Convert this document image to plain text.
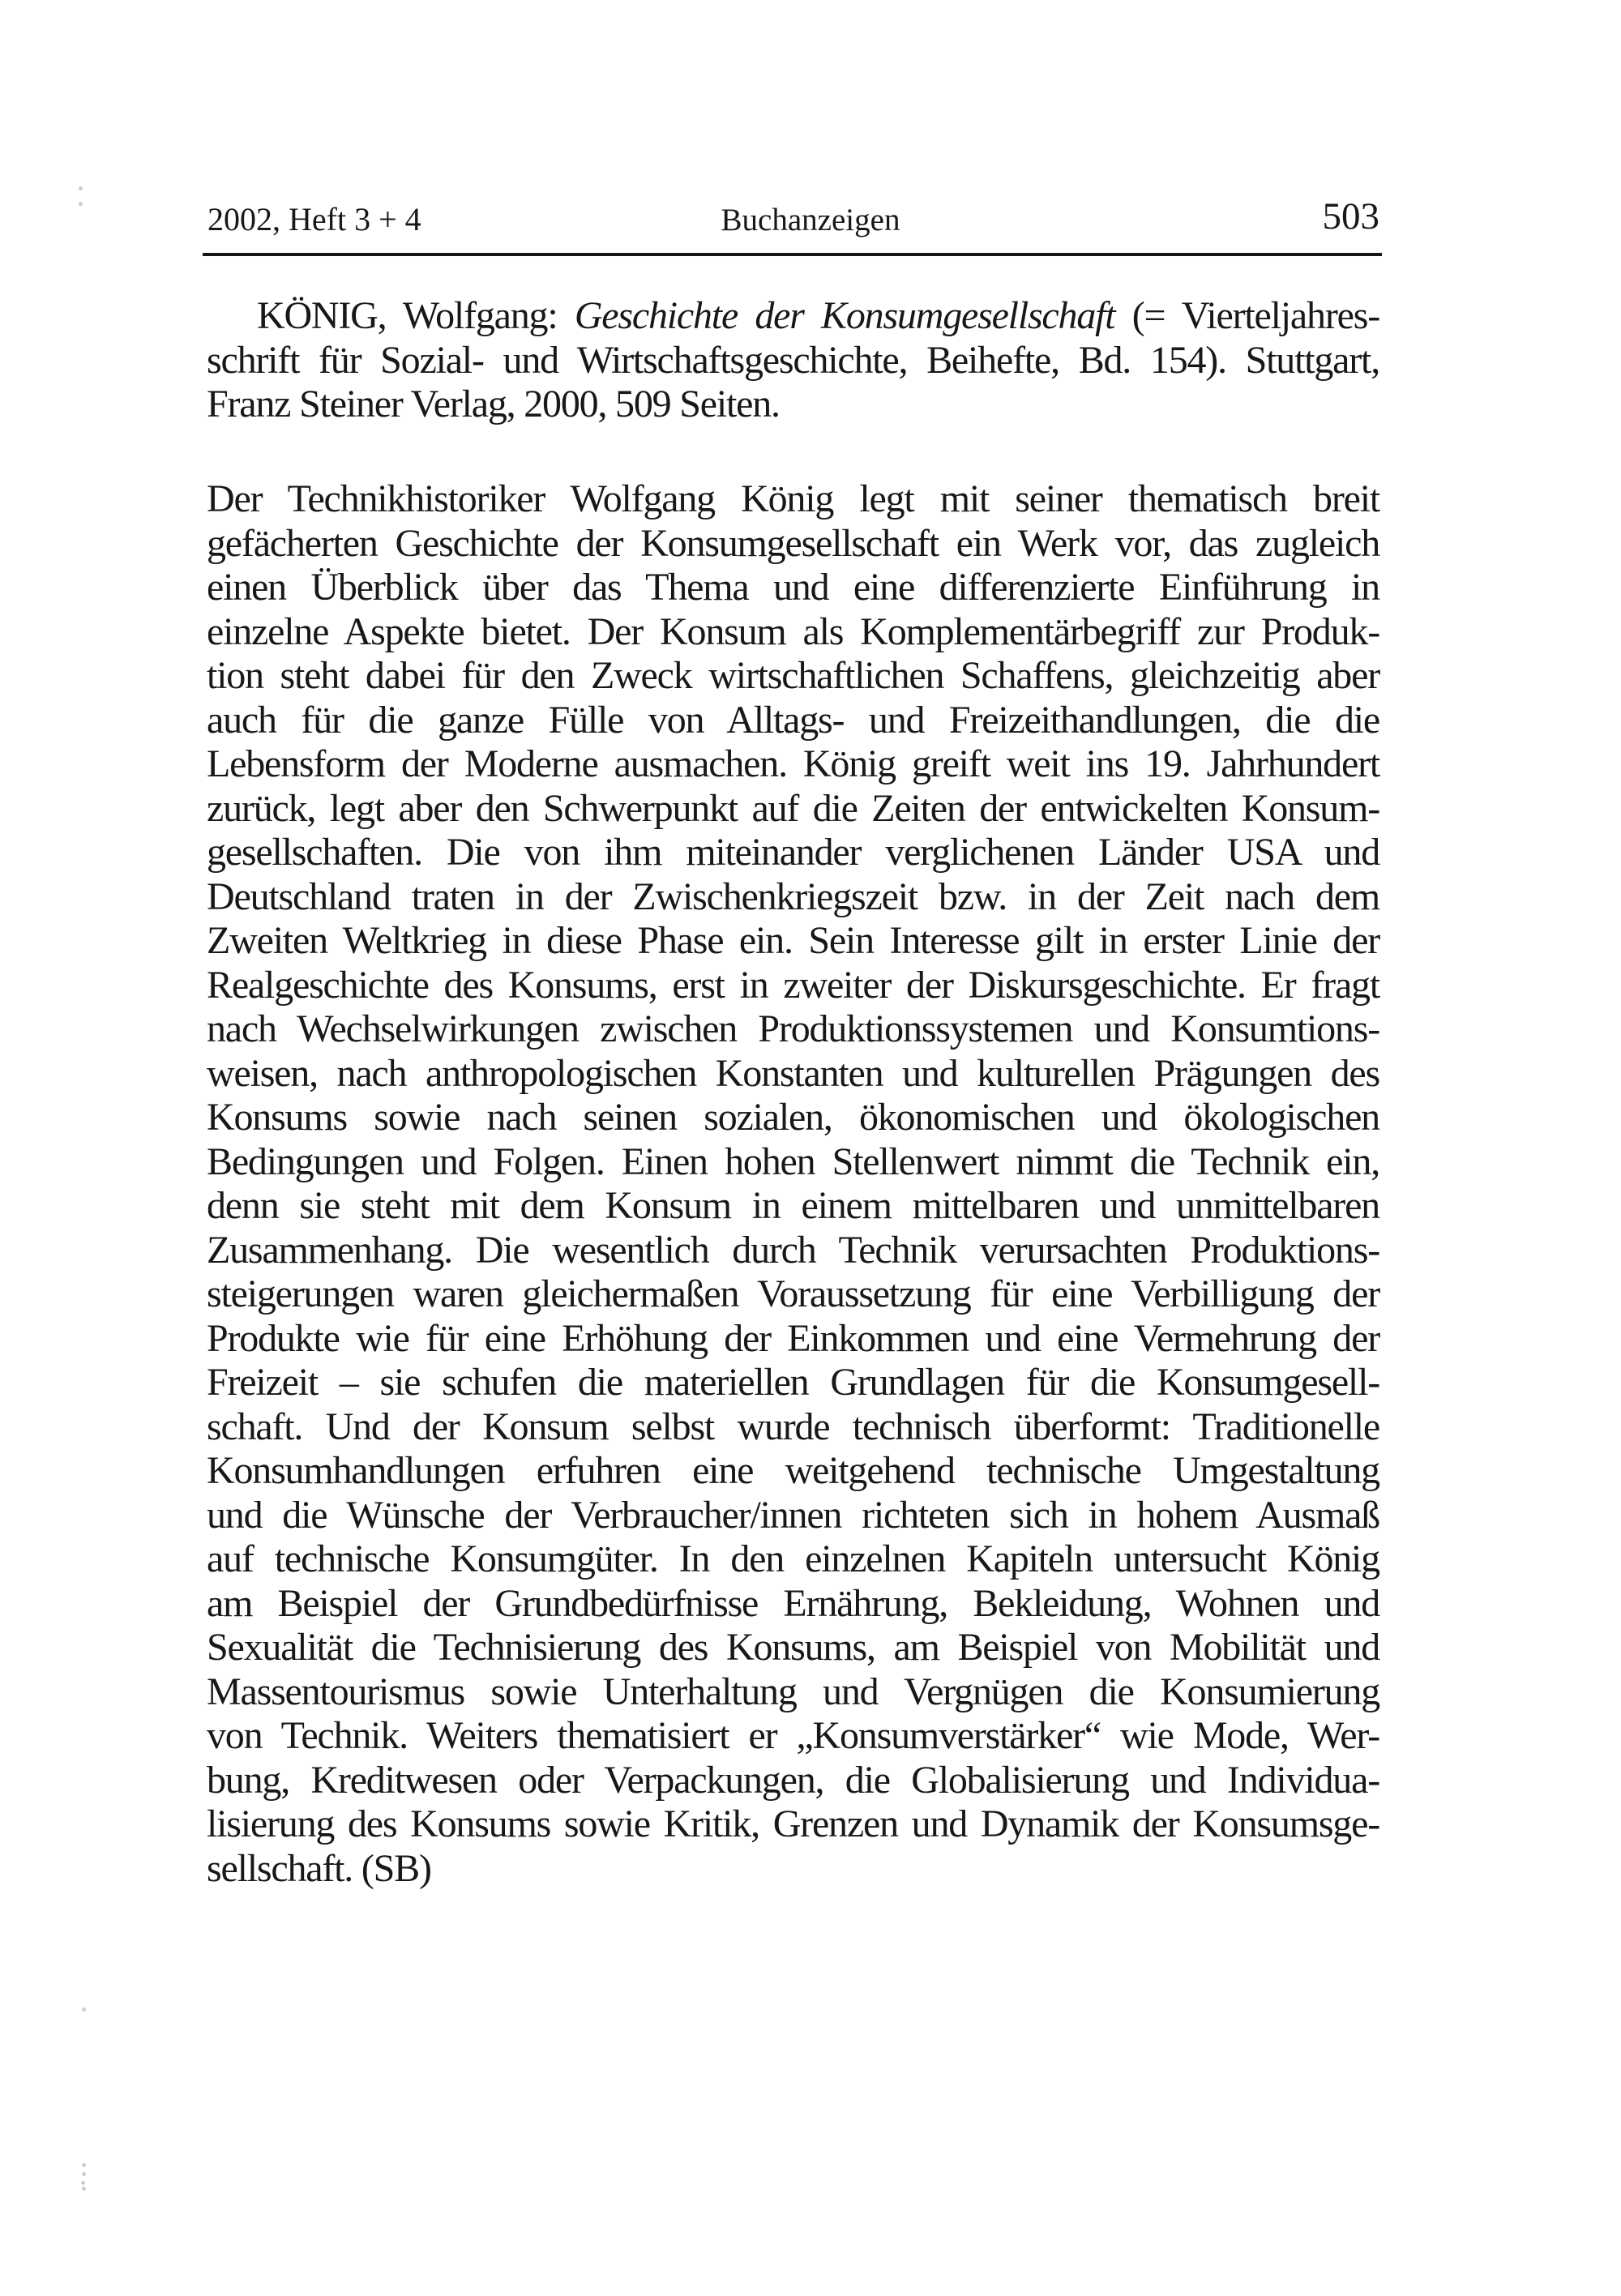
2002, Heft 3 + 4	Buchanzeigen	503
KÖNIG, Wolfgang: Geschichte der Konsumgesellschaft (= Vierteljahres-
schrift für Sozial- und Wirtschaftsgeschichte, Beihefte, Bd. 154). Stuttgart,
Franz Steiner Verlag, 2000, 509 Seiten.
Der Technikhistoriker Wolfgang König legt mit seiner thematisch breit
gefächerten Geschichte der Konsumgesellschaft ein Werk vor, das zugleich
einen Überblick über das Thema und eine differenzierte Einführung in
einzelne Aspekte bietet. Der Konsum als Komplementärbegriff zur Produk-
tion steht dabei für den Zweck wirtschaftlichen Schaffens, gleichzeitig aber
auch für die ganze Fülle von Alltags- und Freizeithandlungen, die die
Lebensform der Moderne ausmachen. König greift weit ins 19. Jahrhundert
zurück, legt aber den Schwerpunkt auf die Zeiten der entwickelten Konsum-
gesellschaften. Die von ihm miteinander verglichenen Länder USA und
Deutschland traten in der Zwischenkriegszeit bzw. in der Zeit nach dem
Zweiten Weltkrieg in diese Phase ein. Sein Interesse gilt in erster Linie der
Realgeschichte des Konsums, erst in zweiter der Diskursgeschichte. Er fragt
nach Wechselwirkungen zwischen Produktionssystemen und Konsumtions-
weisen, nach anthropologischen Konstanten und kulturellen Prägungen des
Konsums sowie nach seinen sozialen, ökonomischen und ökologischen
Bedingungen und Folgen. Einen hohen Stellenwert nimmt die Technik ein,
denn sie steht mit dem Konsum in einem mittelbaren und unmittelbaren
Zusammenhang. Die wesentlich durch Technik verursachten Produktions-
steigerungen waren gleichermaßen Voraussetzung für eine Verbilligung der
Produkte wie für eine Erhöhung der Einkommen und eine Vermehrung der
Freizeit – sie schufen die materiellen Grundlagen für die Konsumgesell-
schaft. Und der Konsum selbst wurde technisch überformt: Traditionelle
Konsumhandlungen erfuhren eine weitgehend technische Umgestaltung
und die Wünsche der Verbraucher/innen richteten sich in hohem Ausmaß
auf technische Konsumgüter. In den einzelnen Kapiteln untersucht König
am Beispiel der Grundbedürfnisse Ernährung, Bekleidung, Wohnen und
Sexualität die Technisierung des Konsums, am Beispiel von Mobilität und
Massentourismus sowie Unterhaltung und Vergnügen die Konsumierung
von Technik. Weiters thematisiert er „Konsumverstärker“ wie Mode, Wer-
bung, Kreditwesen oder Verpackungen, die Globalisierung und Individua-
lisierung des Konsums sowie Kritik, Grenzen und Dynamik der Konsumsge-
sellschaft. (SB)
